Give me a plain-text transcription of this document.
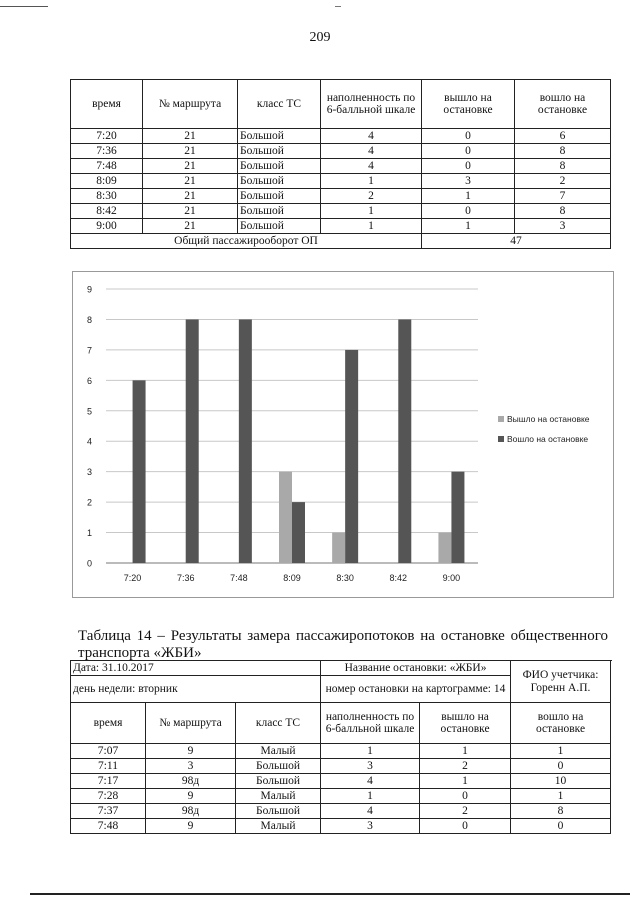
209
время	№ маршрута	класс ТС	наполненность по 6-балльной шкале	вышло на остановке	вошло на остановке
7:20	21	Большой	4	0	6
7:36	21	Большой	4	0	8
7:48	21	Большой	4	0	8
8:09	21	Большой	1	3	2
8:30	21	Большой	2	1	7
8:42	21	Большой	1	0	8
9:00	21	Большой	1	1	3
Общий пассажирооборот ОП				47	
0
1
2
3
4
5
6
7
8
9
7:20	7:36	7:48	8:09	8:30	8:42	9:00
Вышло на остановке
Вошло на остановке
Таблица 14 – Результаты замера пассажиропотоков на остановке общественного транспорта «ЖБИ»
Дата: 31.10.2017			Название остановки: «ЖБИ»		ФИО учетчика: Горенн А.П.
день недели: вторник			номер остановки на картограмме: 14		
время	№ маршрута	класс ТС	наполненность по 6-балльной шкале	вышло на остановке	вошло на остановке
7:07	9	Малый	1	1	1
7:11	3	Большой	3	2	0
7:17	98д	Большой	4	1	10
7:28	9	Малый	1	0	1
7:37	98д	Большой	4	2	8
7:48	9	Малый	3	0	0
